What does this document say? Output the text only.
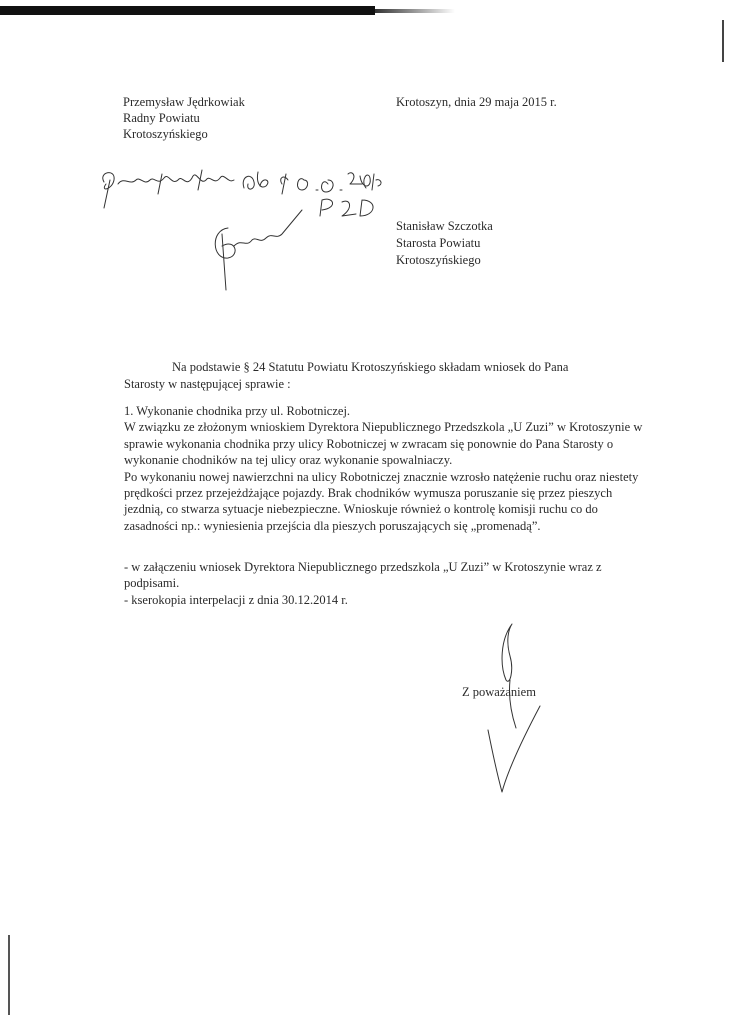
Przemysław Jędrkowiak
Radny Powiatu
Krotoszyńskiego
Krotoszyn, dnia 29 maja 2015 r.
Stanisław Szczotka
Starosta Powiatu
Krotoszyńskiego
Na podstawie § 24 Statutu Powiatu Krotoszyńskiego składam wniosek do Pana Starosty w następującej sprawie :

1. Wykonanie chodnika przy ul. Robotniczej.

W związku ze złożonym wnioskiem Dyrektora Niepublicznego Przedszkola „U Zuzi” w Krotoszynie w sprawie wykonania chodnika przy ulicy Robotniczej w zwracam się ponownie do Pana Starosty o wykonanie chodników na tej ulicy oraz wykonanie spowalniaczy.

Po wykonaniu nowej nawierzchni na ulicy Robotniczej znacznie wzrosło natężenie ruchu oraz niestety prędkości przez przejeżdżające pojazdy. Brak chodników wymusza poruszanie się przez pieszych jezdnią, co stwarza sytuacje niebezpieczne. Wnioskuje również o kontrolę komisji ruchu co do zasadności np.: wyniesienia przejścia dla pieszych poruszających się „promenadą”.

- w załączeniu wniosek Dyrektora Niepublicznego przedszkola „U Zuzi” w Krotoszynie wraz z podpisami.

- kserokopia interpelacji z dnia 30.12.2014 r.

Z poważaniem
